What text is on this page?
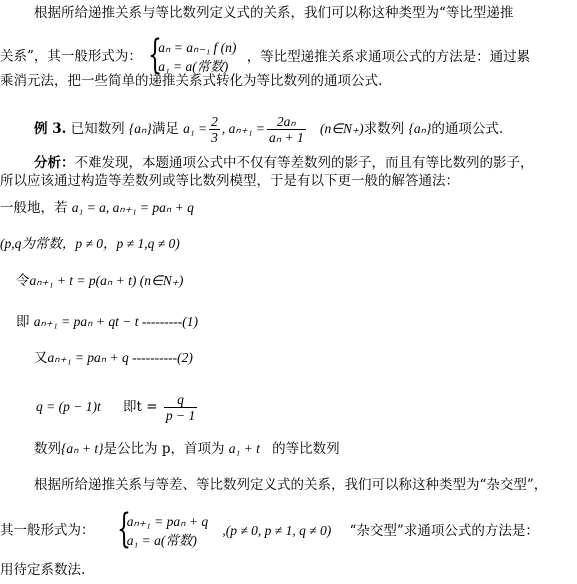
根据所给递推关系与等比数列定义式的关系，我们可以称这种类型为“等比型递推
关系”，其一般形式为： {
aₙ = aₙ₋₁ f (n)
a₁ = a(常数)
，等比型递推关系求通项公式的方法是：通过累
乘消元法，把一些简单的递推关系式转化为等比数列的通项公式.
例 3. 已知数列 {aₙ}满足 $a_1 = \frac{2}{3}$ , $a_{n+1} = \frac{\text{2aₙ}}{\text{aₙ + 1}}$ (n∈N₊)求数列 {aₙ}的通项公式.
分析：不难发现，本题通项公式中不仅有等差数列的影子，而且有等比数列的影子，
所以应该通过构造等差数列或等比数列模型，于是有以下更一般的解答通法：
一般地，若 a₁ = a, aₙ₊₁ = paₙ + q
(p,q为常数，p ≠ 0，p ≠ 1,q ≠ 0)
令aₙ₊₁ + t = p(aₙ + t) (n∈N₊)
即 aₙ₊₁ = paₙ + qt − t ---------(1)
又aₙ₊₁ = paₙ + q ----------(2)
q = (p − 1)t 即$t = \frac{q}{p - 1}$
数列{aₙ + t}是公比为 p，首项为 a₁ + t 的等比数列
根据所给递推关系与等差、等比数列定义式的关系，我们可以称这种类型为“杂交型”，
其一般形式为： {
aₙ₊₁ = paₙ + q
a₁ = a(常数)
,(p ≠ 0, p ≠ 1, q ≠ 0) “杂交型”求通项公式的方法是：
用待定系数法.
